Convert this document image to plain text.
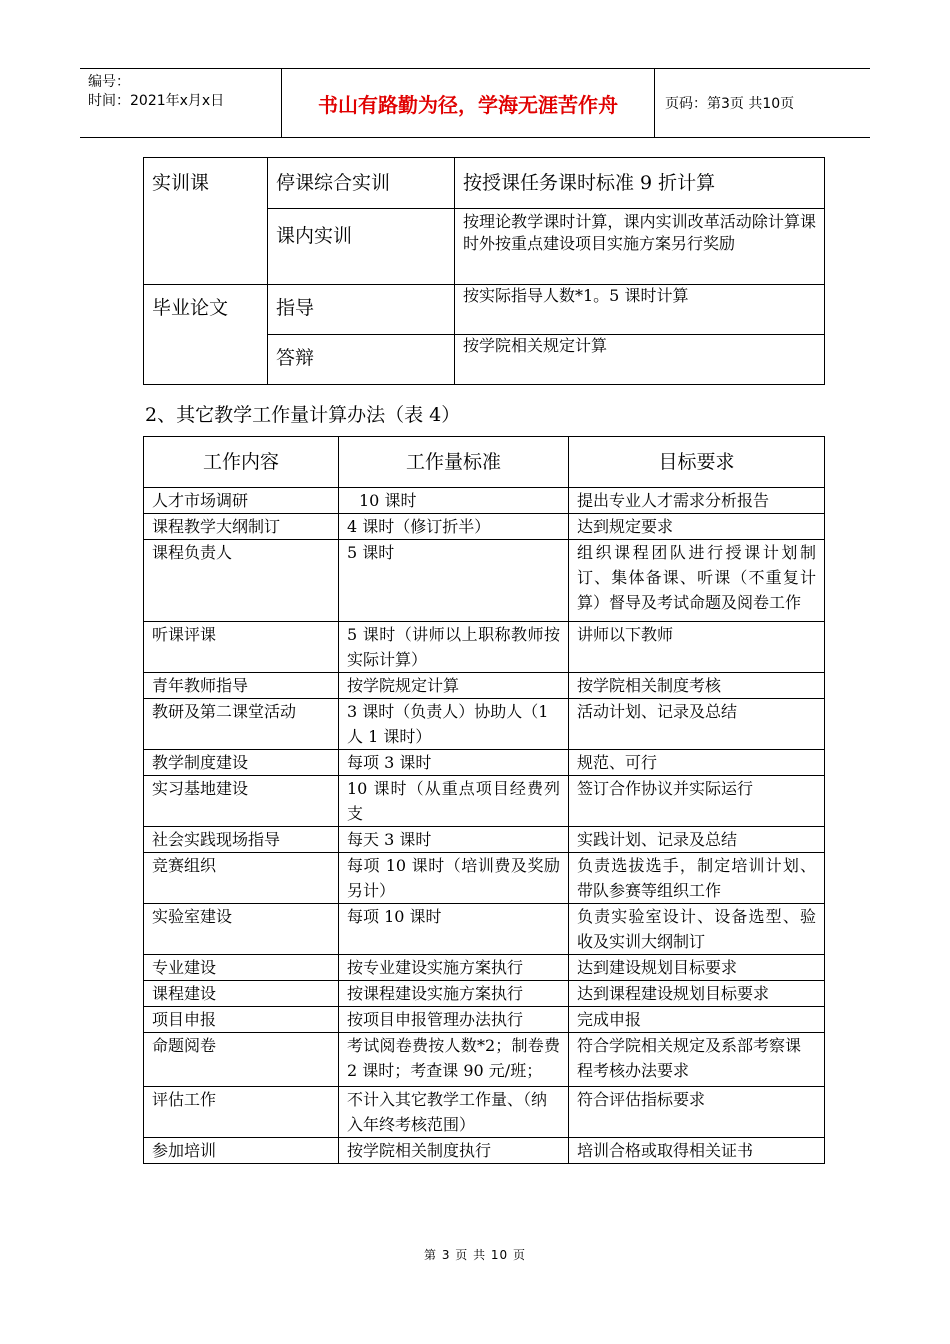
编号：
时间：2021年x月x日	书山有路勤为径，学海无涯苦作舟	页码：第3页 共10页
实训课	停课综合实训	按授课任务课时标准 9 折计算
	课内实训	按理论教学课时计算，课内实训改革活动除计算课时外按重点建设项目实施方案另行奖励
毕业论文	指导	按实际指导人数*1。5 课时计算
	答辩	按学院相关规定计算
2、其它教学工作量计算办法（表 4）
工作内容	工作量标准	目标要求
人才市场调研	10 课时	提出专业人才需求分析报告
课程教学大纲制订	4 课时（修订折半）	达到规定要求
课程负责人	5 课时	组织课程团队进行授课计划制订、集体备课、听课（不重复计算）督导及考试命题及阅卷工作
听课评课	5 课时（讲师以上职称教师按实际计算）	讲师以下教师
青年教师指导	按学院规定计算	按学院相关制度考核
教研及第二课堂活动	3 课时（负责人）协助人（1 人 1 课时）	活动计划、记录及总结
教学制度建设	每项 3 课时	规范、可行
实习基地建设	10 课时（从重点项目经费列支	签订合作协议并实际运行
社会实践现场指导	每天 3 课时	实践计划、记录及总结
竞赛组织	每项 10 课时（培训费及奖励另计）	负责选拔选手，制定培训计划、带队参赛等组织工作
实验室建设	每项 10 课时	负责实验室设计、设备选型、验收及实训大纲制订
专业建设	按专业建设实施方案执行	达到建设规划目标要求
课程建设	按课程建设实施方案执行	达到课程建设规划目标要求
项目申报	按项目申报管理办法执行	完成申报
命题阅卷	考试阅卷费按人数*2；制卷费 2 课时；考查课 90 元/班；	符合学院相关规定及系部考察课程考核办法要求
评估工作	不计入其它教学工作量、（纳入年终考核范围）	符合评估指标要求
参加培训	按学院相关制度执行	培训合格或取得相关证书
第 3 页 共 10 页
